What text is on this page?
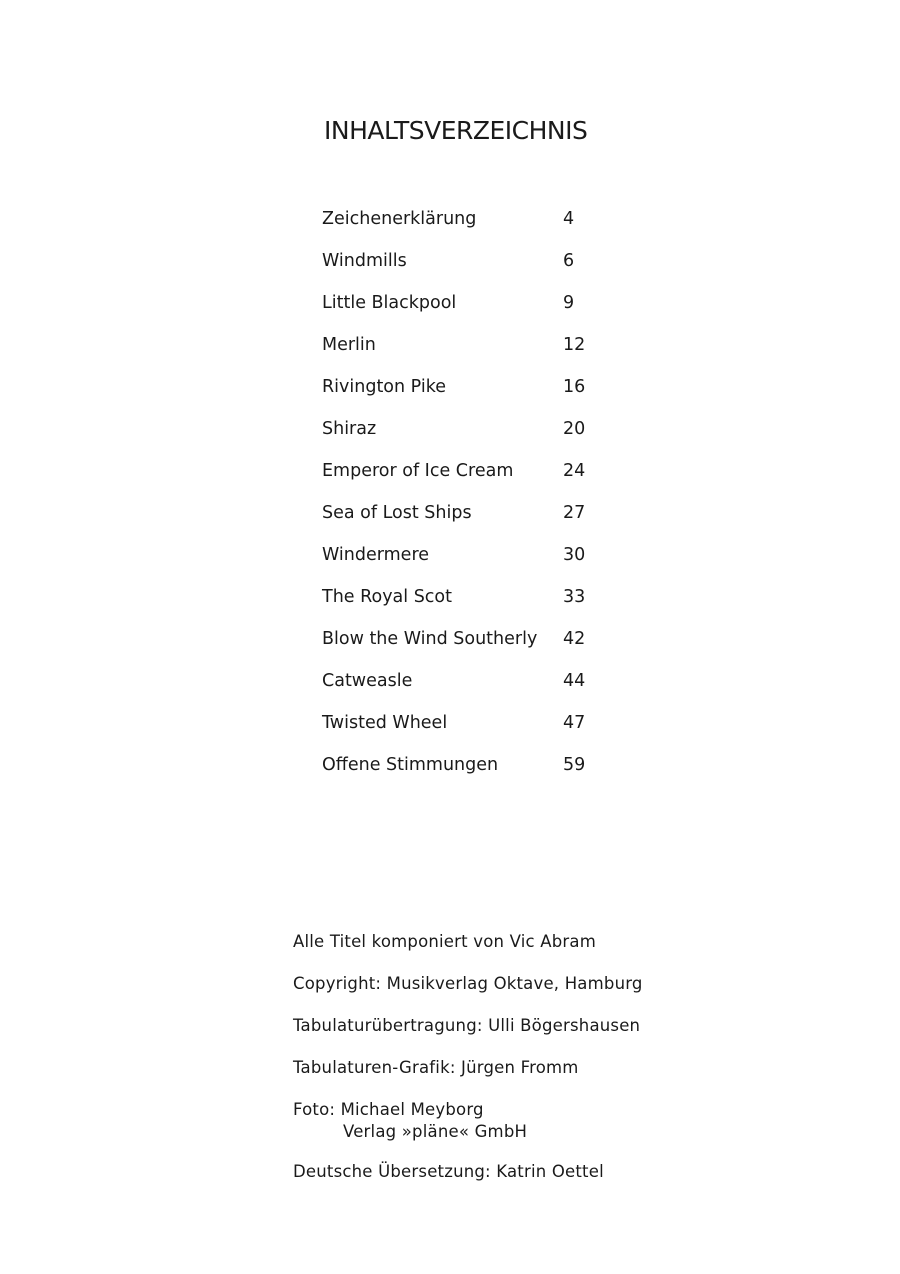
INHALTSVERZEICHNIS
Zeichenerklärung	4
Windmills	6
Little Blackpool	9
Merlin	12
Rivington Pike	16
Shiraz	20
Emperor of Ice Cream	24
Sea of Lost Ships	27
Windermere	30
The Royal Scot	33
Blow the Wind Southerly 42
Catweasle	44
Twisted Wheel	47
Offene Stimmungen	59
Alle Titel komponiert von Vic Abram
Copyright: Musikverlag Oktave, Hamburg
Tabulaturübertragung: Ulli Bögershausen
Tabulaturen-Grafik: Jürgen Fromm
Foto: Michael Meyborg
Verlag »pläne« GmbH
Deutsche Übersetzung: Katrin Oettel
